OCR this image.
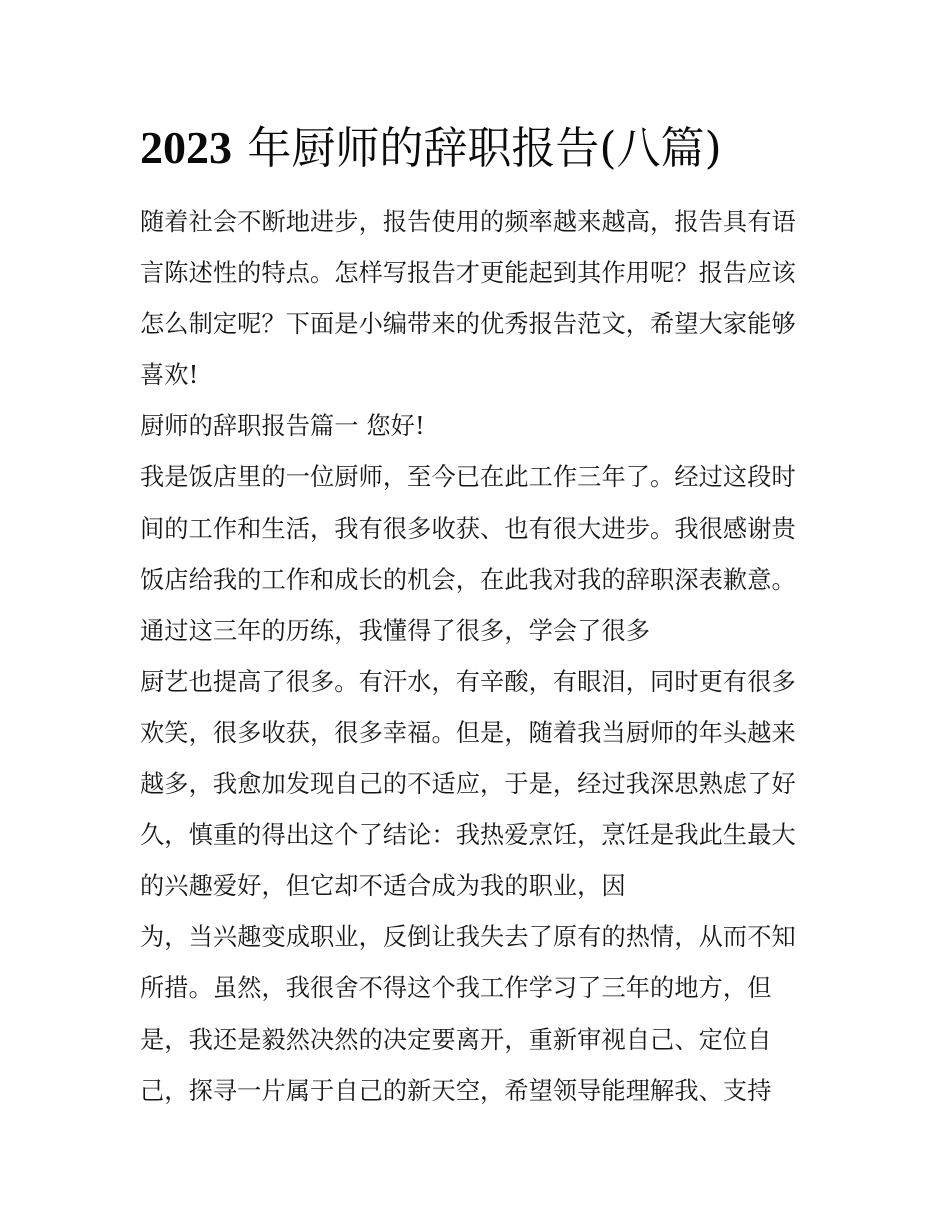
2023 年厨师的辞职报告(八篇)
随着社会不断地进步，报告使用的频率越来越高，报告具有语
言陈述性的特点。怎样写报告才更能起到其作用呢？报告应该
怎么制定呢？下面是小编带来的优秀报告范文，希望大家能够
喜欢!
厨师的辞职报告篇一 您好!
我是饭店里的一位厨师，至今已在此工作三年了。经过这段时
间的工作和生活，我有很多收获、也有很大进步。我很感谢贵
饭店给我的工作和成长的机会，在此我对我的辞职深表歉意。
通过这三年的历练，我懂得了很多，学会了很多
厨艺也提高了很多。有汗水，有辛酸，有眼泪，同时更有很多
欢笑，很多收获，很多幸福。但是，随着我当厨师的年头越来
越多，我愈加发现自己的不适应，于是，经过我深思熟虑了好
久，慎重的得出这个了结论：我热爱烹饪，烹饪是我此生最大
的兴趣爱好，但它却不适合成为我的职业，因
为，当兴趣变成职业，反倒让我失去了原有的热情，从而不知
所措。虽然，我很舍不得这个我工作学习了三年的地方，但
是，我还是毅然决然的决定要离开，重新审视自己、定位自
己，探寻一片属于自己的新天空，希望领导能理解我、支持
